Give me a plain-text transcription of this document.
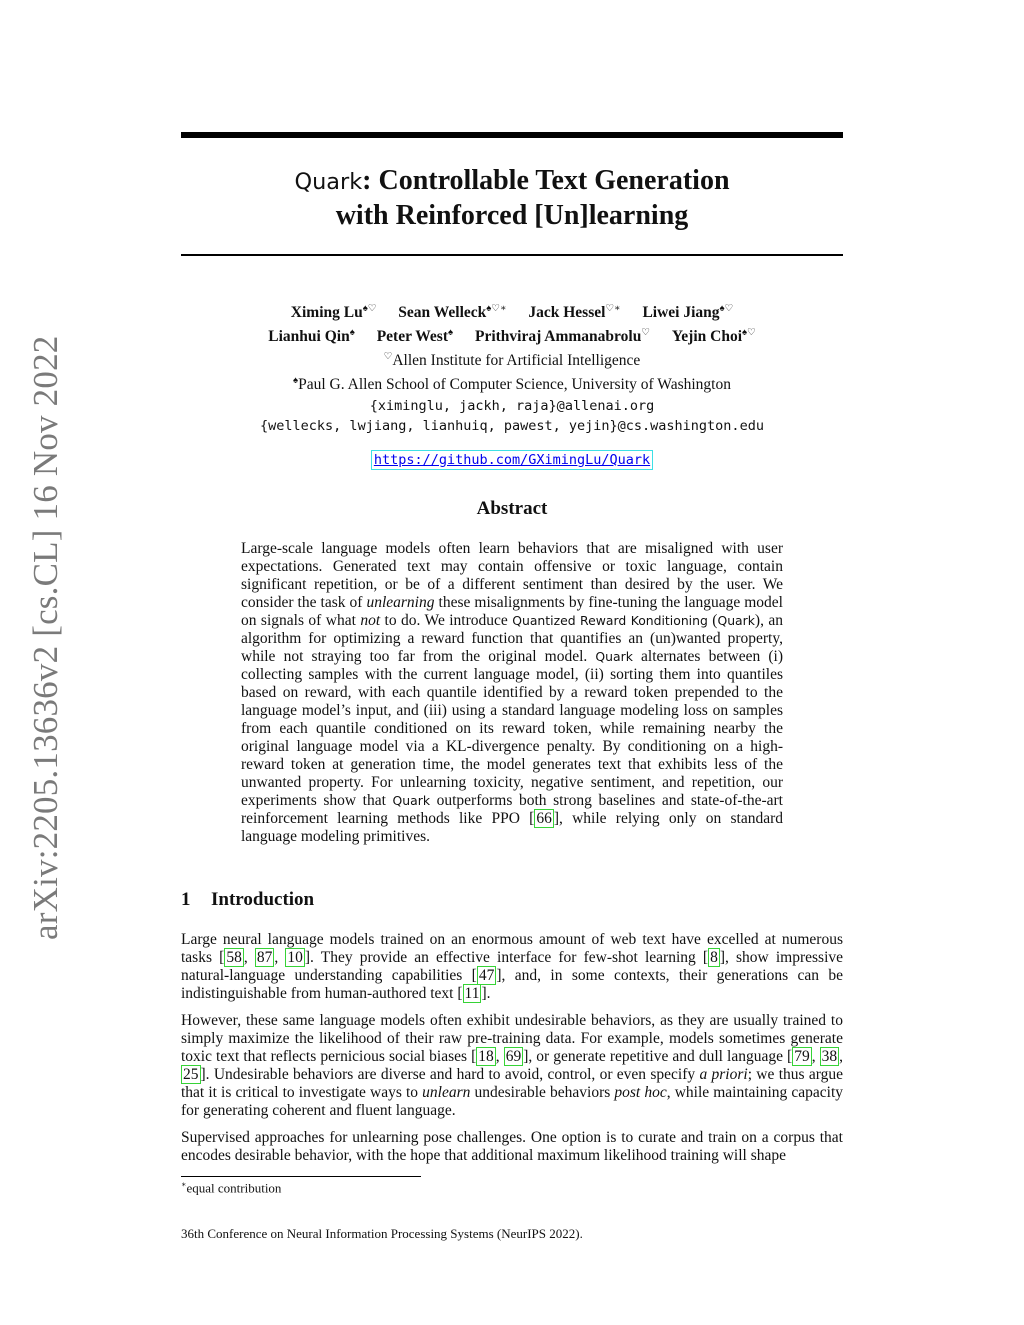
arXiv:2205.13636v2 [cs.CL] 16 Nov 2022
Quark: Controllable Text Generation
with Reinforced [Un]learning
Ximing Lu♠♡ Sean Welleck♠♡∗ Jack Hessel♡∗ Liwei Jiang♠♡
Lianhui Qin♠ Peter West♠ Prithviraj Ammanabrolu♡ Yejin Choi♠♡
♡Allen Institute for Artificial Intelligence
♠Paul G. Allen School of Computer Science, University of Washington
{ximinglu, jackh, raja}@allenai.org
{wellecks, lwjiang, lianhuiq, pawest, yejin}@cs.washington.edu
https://github.com/GXimingLu/Quark
Abstract
Large-scale language models often learn behaviors that are misaligned with user expectations. Generated text may contain offensive or toxic language, contain significant repetition, or be of a different sentiment than desired by the user. We consider the task of unlearning these misalignments by fine-tuning the language model on signals of what not to do. We introduce Quantized Reward Konditioning (Quark), an algorithm for optimizing a reward function that quantifies an (un)wanted property, while not straying too far from the original model. Quark alternates between (i) collecting samples with the current language model, (ii) sorting them into quantiles based on reward, with each quantile identified by a reward token prepended to the language model’s input, and (iii) using a standard language modeling loss on samples from each quantile conditioned on its reward token, while remaining nearby the original language model via a KL-divergence penalty. By conditioning on a high-reward token at generation time, the model generates text that exhibits less of the unwanted property. For unlearning toxicity, negative sentiment, and repetition, our experiments show that Quark outperforms both strong baselines and state-of-the-art reinforcement learning methods like PPO [ 66 ], while relying only on standard language modeling primitives.
1 Introduction

Large neural language models trained on an enormous amount of web text have excelled at numerous tasks [ 58 , 87 , 10 ]. They provide an effective interface for few-shot learning [ 8 ], show impressive natural-language understanding capabilities [ 47 ], and, in some contexts, their generations can be indistinguishable from human-authored text [ 11 ].

However, these same language models often exhibit undesirable behaviors, as they are usually trained to simply maximize the likelihood of their raw pre-training data. For example, models sometimes generate toxic text that reflects pernicious social biases [ 18 , 69 ], or generate repetitive and dull language [ 79 , 38 , 25 ]. Undesirable behaviors are diverse and hard to avoid, control, or even specify a priori; we thus argue that it is critical to investigate ways to unlearn undesirable behaviors post hoc, while maintaining capacity for generating coherent and fluent language.

Supervised approaches for unlearning pose challenges. One option is to curate and train on a corpus that encodes desirable behavior, with the hope that additional maximum likelihood training will shape

∗equal contribution
36th Conference on Neural Information Processing Systems (NeurIPS 2022).
